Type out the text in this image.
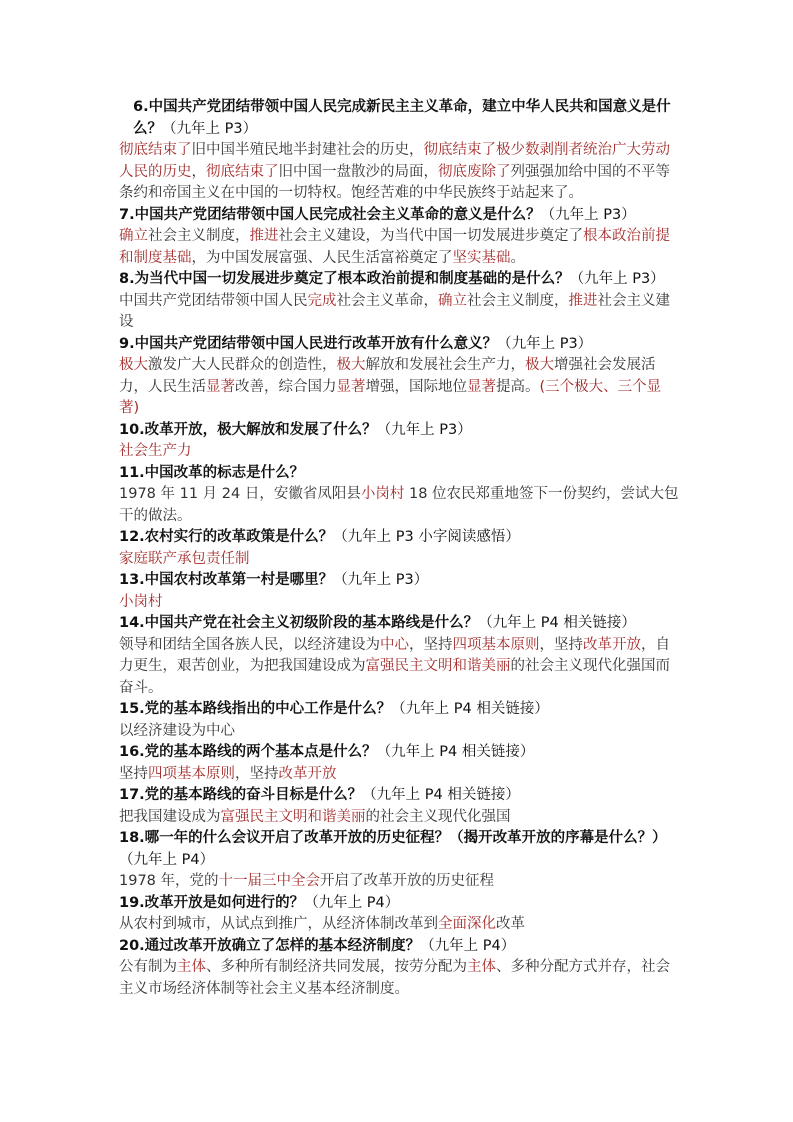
6.中国共产党团结带领中国人民完成新民主主义革命，建立中华人民共和国意义是什么？（九年上 P3）

彻底结束了旧中国半殖民地半封建社会的历史，彻底结束了极少数剥削者统治广大劳动人民的历史，彻底结束了旧中国一盘散沙的局面，彻底废除了列强强加给中国的不平等条约和帝国主义在中国的一切特权。饱经苦难的中华民族终于站起来了。

7.中国共产党团结带领中国人民完成社会主义革命的意义是什么？（九年上 P3）

确立社会主义制度，推进社会主义建设，为当代中国一切发展进步奠定了根本政治前提和制度基础，为中国发展富强、人民生活富裕奠定了坚实基础。

8.为当代中国一切发展进步奠定了根本政治前提和制度基础的是什么？（九年上 P3）

中国共产党团结带领中国人民完成社会主义革命，确立社会主义制度，推进社会主义建设

9.中国共产党团结带领中国人民进行改革开放有什么意义？（九年上 P3）

极大激发广大人民群众的创造性，极大解放和发展社会生产力，极大增强社会发展活力，人民生活显著改善，综合国力显著增强，国际地位显著提高。(三个极大、三个显著)

10.改革开放，极大解放和发展了什么？（九年上 P3）

社会生产力

11.中国改革的标志是什么？

1978 年 11 月 24 日，安徽省凤阳县小岗村 18 位农民郑重地签下一份契约，尝试大包干的做法。

12.农村实行的改革政策是什么？（九年上 P3 小字阅读感悟）

家庭联产承包责任制

13.中国农村改革第一村是哪里？（九年上 P3）

小岗村

14.中国共产党在社会主义初级阶段的基本路线是什么？（九年上 P4 相关链接）

领导和团结全国各族人民，以经济建设为中心，坚持四项基本原则，坚持改革开放，自力更生，艰苦创业，为把我国建设成为富强民主文明和谐美丽的社会主义现代化强国而奋斗。

15.党的基本路线指出的中心工作是什么？（九年上 P4 相关链接）

以经济建设为中心

16.党的基本路线的两个基本点是什么？（九年上 P4 相关链接）

坚持四项基本原则，坚持改革开放

17.党的基本路线的奋斗目标是什么？（九年上 P4 相关链接）

把我国建设成为富强民主文明和谐美丽的社会主义现代化强国

18.哪一年的什么会议开启了改革开放的历史征程？（揭开改革开放的序幕是什么？）（九年上 P4）

1978 年，党的十一届三中全会开启了改革开放的历史征程

19.改革开放是如何进行的？（九年上 P4）

从农村到城市，从试点到推广，从经济体制改革到全面深化改革

20.通过改革开放确立了怎样的基本经济制度？（九年上 P4）

公有制为主体、多种所有制经济共同发展，按劳分配为主体、多种分配方式并存，社会主义市场经济体制等社会主义基本经济制度。
